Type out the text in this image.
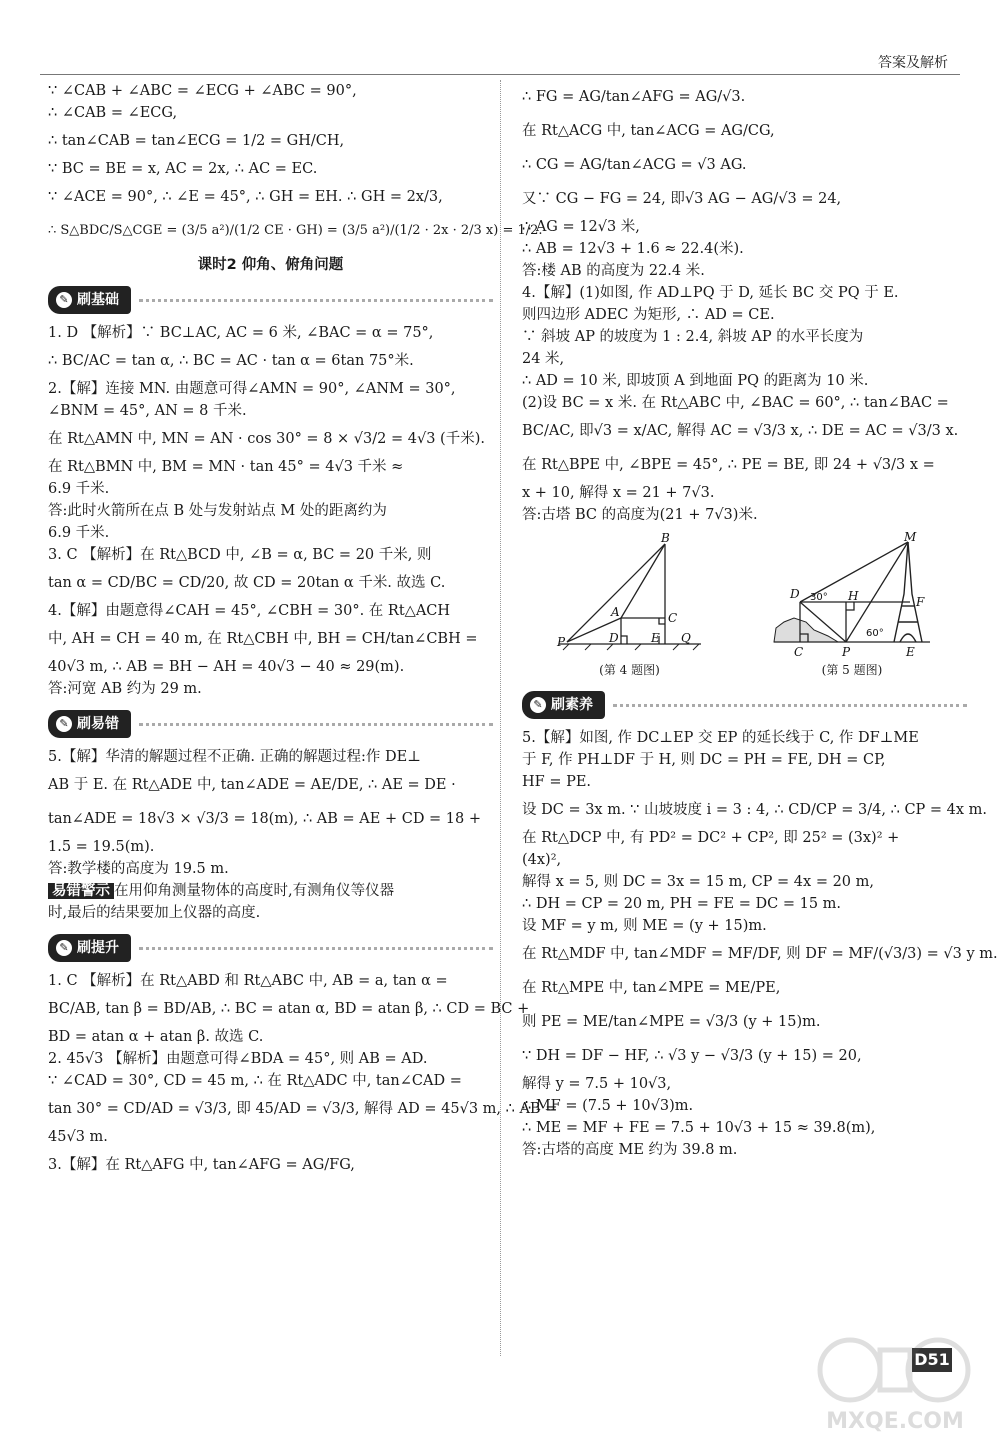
答案及解析
∵ ∠CAB + ∠ABC = ∠ECG + ∠ABC = 90°,
∴ ∠CAB = ∠ECG,
∴ tan∠CAB = tan∠ECG = 1/2 = GH/CH,
∵ BC = BE = x, AC = 2x, ∴ AC = EC.
∵ ∠ACE = 90°, ∴ ∠E = 45°, ∴ GH = EH. ∴ GH = 2x/3,
∴ S△BDC/S△CGE = (3/5 a²)/(1/2 CE · GH) = (3/5 a²)/(1/2 · 2x · 2/3 x) = 1/2.
课时2 仰角、俯角问题
✎ 刷基础
1. D 【解析】∵ BC⊥AC, AC = 6 米, ∠BAC = α = 75°,
∴ BC/AC = tan α, ∴ BC = AC · tan α = 6tan 75°米.
2.【解】连接 MN. 由题意可得∠AMN = 90°, ∠ANM = 30°,
∠BNM = 45°, AN = 8 千米.
在 Rt△AMN 中, MN = AN · cos 30° = 8 × √3/2 = 4√3 (千米).
在 Rt△BMN 中, BM = MN · tan 45° = 4√3 千米 ≈
6.9 千米.
答:此时火箭所在点 B 处与发射站点 M 处的距离约为
6.9 千米.
3. C 【解析】在 Rt△BCD 中, ∠B = α, BC = 20 千米, 则
tan α = CD/BC = CD/20, 故 CD = 20tan α 千米. 故选 C.
4.【解】由题意得∠CAH = 45°, ∠CBH = 30°. 在 Rt△ACH
中, AH = CH = 40 m, 在 Rt△CBH 中, BH = CH/tan∠CBH =
40√3 m, ∴ AB = BH − AH = 40√3 − 40 ≈ 29(m).
答:河宽 AB 约为 29 m.
✎ 刷易错
5.【解】华清的解题过程不正确. 正确的解题过程:作 DE⊥
AB 于 E. 在 Rt△ADE 中, tan∠ADE = AE/DE, ∴ AE = DE ·
tan∠ADE = 18√3 × √3/3 = 18(m), ∴ AB = AE + CD = 18 +
1.5 = 19.5(m).
答:教学楼的高度为 19.5 m.
易错警示 在用仰角测量物体的高度时,有测角仪等仪器
时,最后的结果要加上仪器的高度.
✎ 刷提升
1. C 【解析】在 Rt△ABD 和 Rt△ABC 中, AB = a, tan α =
BC/AB, tan β = BD/AB, ∴ BC = atan α, BD = atan β, ∴ CD = BC +
BD = atan α + atan β. 故选 C.
2. 45√3 【解析】由题意可得∠BDA = 45°, 则 AB = AD.
∵ ∠CAD = 30°, CD = 45 m, ∴ 在 Rt△ADC 中, tan∠CAD =
tan 30° = CD/AD = √3/3, 即 45/AD = √3/3, 解得 AD = 45√3 m, ∴ AB =
45√3 m.
3.【解】在 Rt△AFG 中, tan∠AFG = AG/FG,
∴ FG = AG/tan∠AFG = AG/√3.
在 Rt△ACG 中, tan∠ACG = AG/CG,
∴ CG = AG/tan∠ACG = √3 AG.
又∵ CG − FG = 24, 即√3 AG − AG/√3 = 24,
∴ AG = 12√3 米,
∴ AB = 12√3 + 1.6 ≈ 22.4(米).
答:楼 AB 的高度为 22.4 米.
4.【解】(1)如图, 作 AD⊥PQ 于 D, 延长 BC 交 PQ 于 E.
则四边形 ADEC 为矩形, ∴ AD = CE.
∵ 斜坡 AP 的坡度为 1 : 2.4, 斜坡 AP 的水平长度为
24 米,
∴ AD = 10 米, 即坡顶 A 到地面 PQ 的距离为 10 米.
(2)设 BC = x 米. 在 Rt△ABC 中, ∠BAC = 60°, ∴ tan∠BAC =
BC/AC, 即√3 = x/AC, 解得 AC = √3/3 x, ∴ DE = AC = √3/3 x.
在 Rt△BPE 中, ∠BPE = 45°, ∴ PE = BE, 即 24 + √3/3 x =
x + 10, 解得 x = 21 + 7√3.
答:古塔 BC 的高度为(21 + 7√3)米.
B
A	C
P	D	E Q
(第 4 题图)
M
D	H	F
C	P	E
30°
60°
(第 5 题图)
✎ 刷素养
5.【解】如图, 作 DC⊥EP 交 EP 的延长线于 C, 作 DF⊥ME
于 F, 作 PH⊥DF 于 H, 则 DC = PH = FE, DH = CP,
HF = PE.
设 DC = 3x m. ∵ 山坡坡度 i = 3 : 4, ∴ CD/CP = 3/4, ∴ CP = 4x m.
在 Rt△DCP 中, 有 PD² = DC² + CP², 即 25² = (3x)² +
(4x)²,
解得 x = 5, 则 DC = 3x = 15 m, CP = 4x = 20 m,
∴ DH = CP = 20 m, PH = FE = DC = 15 m.
设 MF = y m, 则 ME = (y + 15)m.
在 Rt△MDF 中, tan∠MDF = MF/DF, 则 DF = MF/(√3/3) = √3 y m.
在 Rt△MPE 中, tan∠MPE = ME/PE,
则 PE = ME/tan∠MPE = √3/3 (y + 15)m.
∵ DH = DF − HF, ∴ √3 y − √3/3 (y + 15) = 20,
解得 y = 7.5 + 10√3,
∴ MF = (7.5 + 10√3)m.
∴ ME = MF + FE = 7.5 + 10√3 + 15 ≈ 39.8(m),
答:古塔的高度 ME 约为 39.8 m.
D51
MXQE.COM
